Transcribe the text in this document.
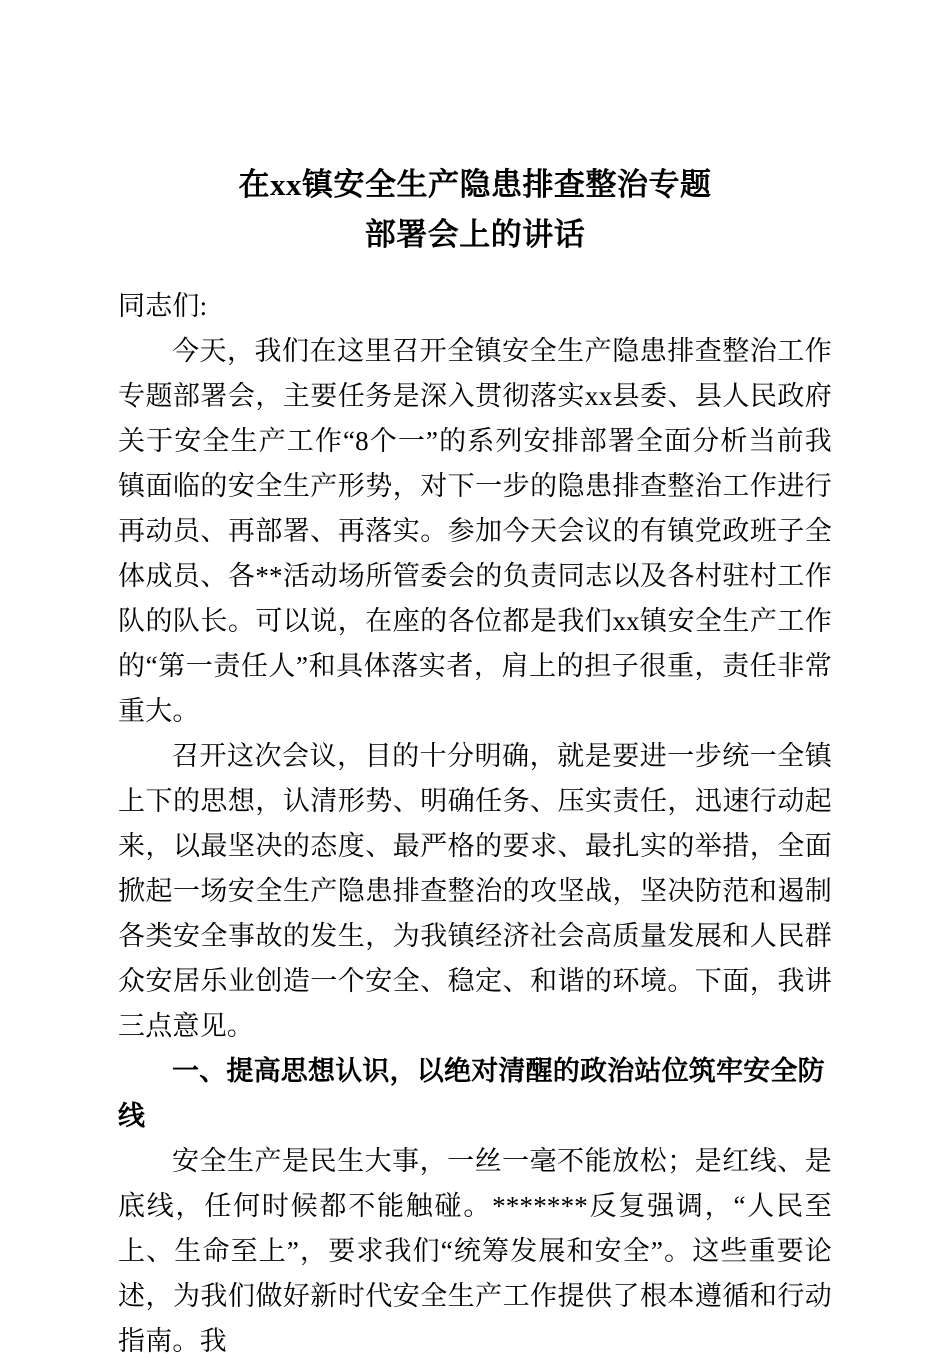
在xx镇安全生产隐患排查整治专题
部署会上的讲话

同志们:

今天，我们在这里召开全镇安全生产隐患排查整治工作专题部署会，主要任务是深入贯彻落实xx县委、县人民政府关于安全生产工作“8个一”的系列安排部署全面分析当前我镇面临的安全生产形势，对下一步的隐患排查整治工作进行再动员、再部署、再落实。参加今天会议的有镇党政班子全体成员、各**活动场所管委会的负责同志以及各村驻村工作队的队长。可以说，在座的各位都是我们xx镇安全生产工作的“第一责任人”和具体落实者，肩上的担子很重，责任非常重大。

召开这次会议，目的十分明确，就是要进一步统一全镇上下的思想，认清形势、明确任务、压实责任，迅速行动起来，以最坚决的态度、最严格的要求、最扎实的举措，全面掀起一场安全生产隐患排查整治的攻坚战，坚决防范和遏制各类安全事故的发生，为我镇经济社会高质量发展和人民群众安居乐业创造一个安全、稳定、和谐的环境。下面，我讲三点意见。

一、提高思想认识，以绝对清醒的政治站位筑牢安全防线

安全生产是民生大事，一丝一毫不能放松；是红线、是底线，任何时候都不能触碰。*******反复强调，“人民至上、生命至上”，要求我们“统筹发展和安全”。这些重要论述，为我们做好新时代安全生产工作提供了根本遵循和行动指南。我
